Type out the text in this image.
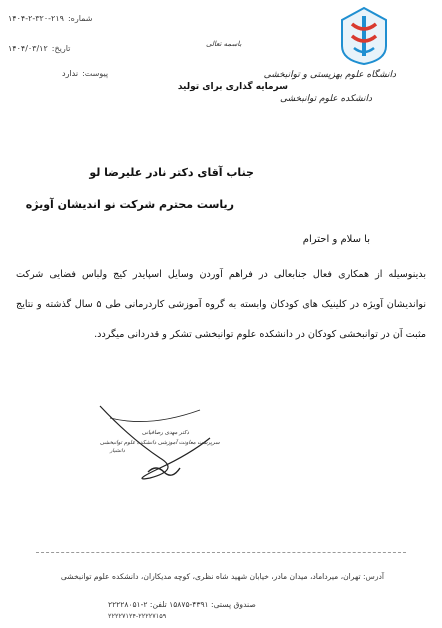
دانشگاه علوم بهزیستی و توانبخشی
دانشکده علوم توانبخشی
باسمه تعالی
شماره:
۱۴۰۴-۲-۳۲۰-۲۱۹
تاریخ:
۱۴۰۴/۰۳/۱۲
پیوست:
ندارد
سرمایه گذاری برای تولید
جناب آقای دکتر نادر علیرضا لو
ریاست محترم شرکت نو اندیشان آویژه
با سلام و احترام
بدینوسیله از همکاری فعال جنابعالی در فراهم آوردن وسایل اسپایدر کیج ولباس فضایی شرکت نواندیشان آویژه در کلینیک های کودکان وابسته به گروه آموزشی کاردرمانی طی ۵ سال گذشته و نتایج مثبت آن در توانبخشی کودکان در دانشکده علوم توانبخشی تشکر و قدردانی میگردد.
دکتر مهدی رصافیانی
سرپرست معاونت آموزشی دانشکده علوم توانبخشی
دانشیار
آدرس: تهران، میرداماد، میدان مادر، خیابان شهید شاه نظری، کوچه مدیکاران، دانشکده علوم توانبخشی
صندوق پستی: ۴۳۹۱-۱۵۸۷۵ تلفن: ۲-۲۲۲۲۸۰۵۱
۲۲۲۲۷۱۲۴-۲۲۲۲۷۱۵۹
